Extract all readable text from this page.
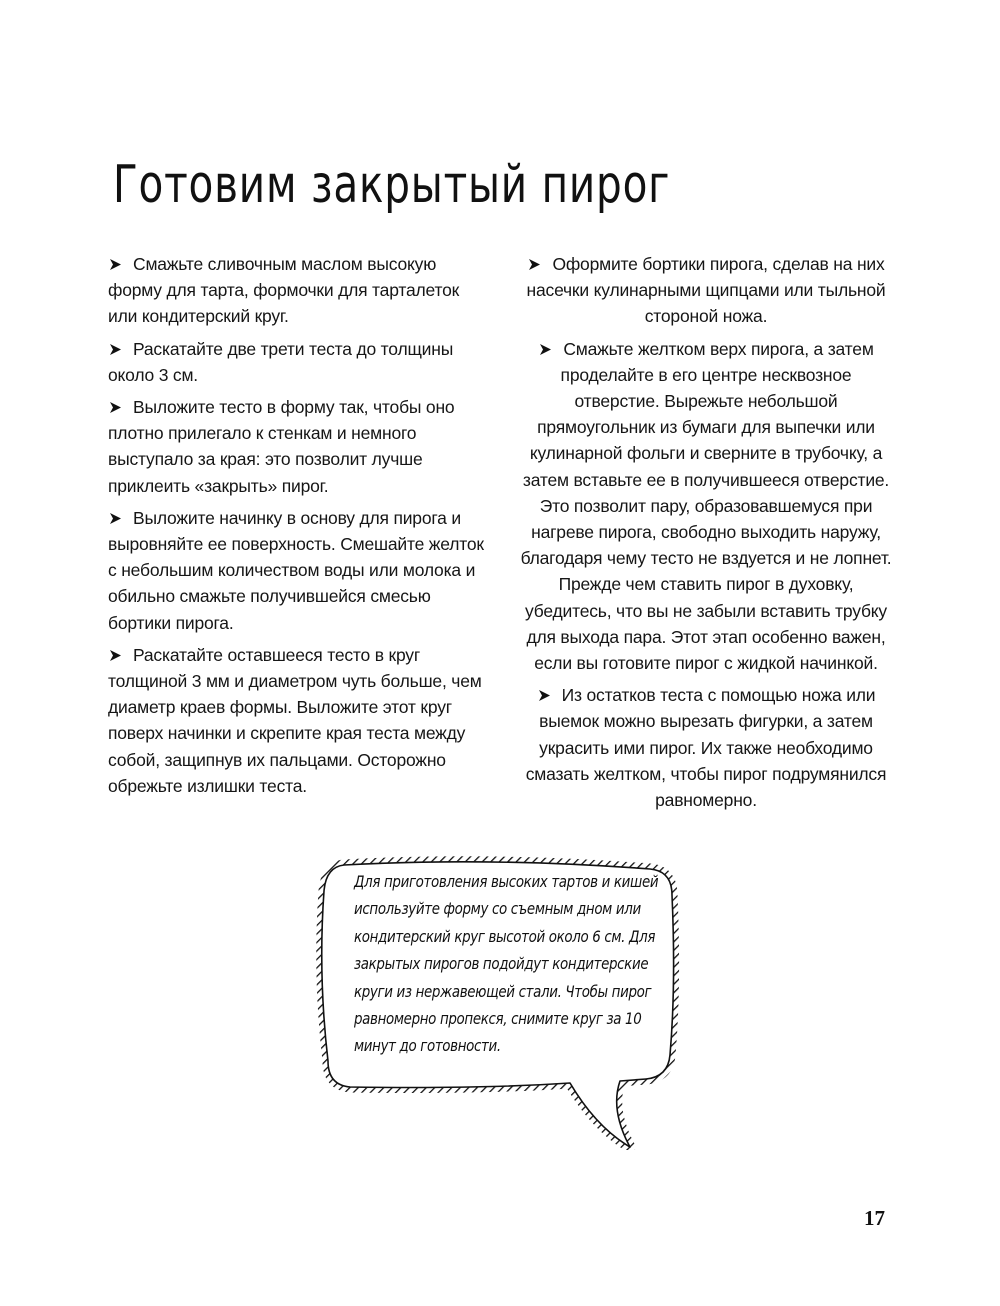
Готовим закрытый пирог

Смажьте сливочным маслом высокую форму для тарта, формочки для тарталеток или кондитерский круг.

Раскатайте две трети теста до толщины около 3 см.

Выложите тесто в форму так, чтобы оно плотно прилегало к стенкам и немного выступало за края: это позволит лучше приклеить «закрыть» пирог.

Выложите начинку в основу для пирога и выровняйте ее поверхность. Смешайте желток с небольшим количеством воды или молока и обильно смажьте получившейся смесью бортики пирога.

Раскатайте оставшееся тесто в круг толщиной 3 мм и диаметром чуть больше, чем диаметр краев формы. Выложите этот круг поверх начинки и скрепите края теста между собой, защипнув их пальцами. Осторожно обрежьте излишки теста.

Оформите бортики пирога, сделав на них насечки кулинарными щипцами или тыльной стороной ножа.

Смажьте желтком верх пирога, а затем проделайте в его центре несквозное отверстие. Вырежьте небольшой прямоугольник из бумаги для выпечки или кулинарной фольги и сверните в трубочку, а затем вставьте ее в получившееся отверстие. Это позволит пару, образовавшемуся при нагреве пирога, свободно выходить наружу, благодаря чему тесто не вздуется и не лопнет. Прежде чем ставить пирог в духовку, убедитесь, что вы не забыли вставить трубку для выхода пара. Этот этап особенно важен, если вы готовите пирог с жидкой начинкой.

Из остатков теста с помощью ножа или выемок можно вырезать фигурки, а затем украсить ими пирог. Их также необходимо смазать желтком, чтобы пирог подрумянился равномерно.

Для приготовления высоких тартов и кишей используйте форму со съемным дном или кондитерский круг высотой около 6 см. Для закрытых пирогов подойдут кондитерские круги из нержавеющей стали. Чтобы пирог равномерно пропекся, снимите круг за 10 минут до готовности.

17
